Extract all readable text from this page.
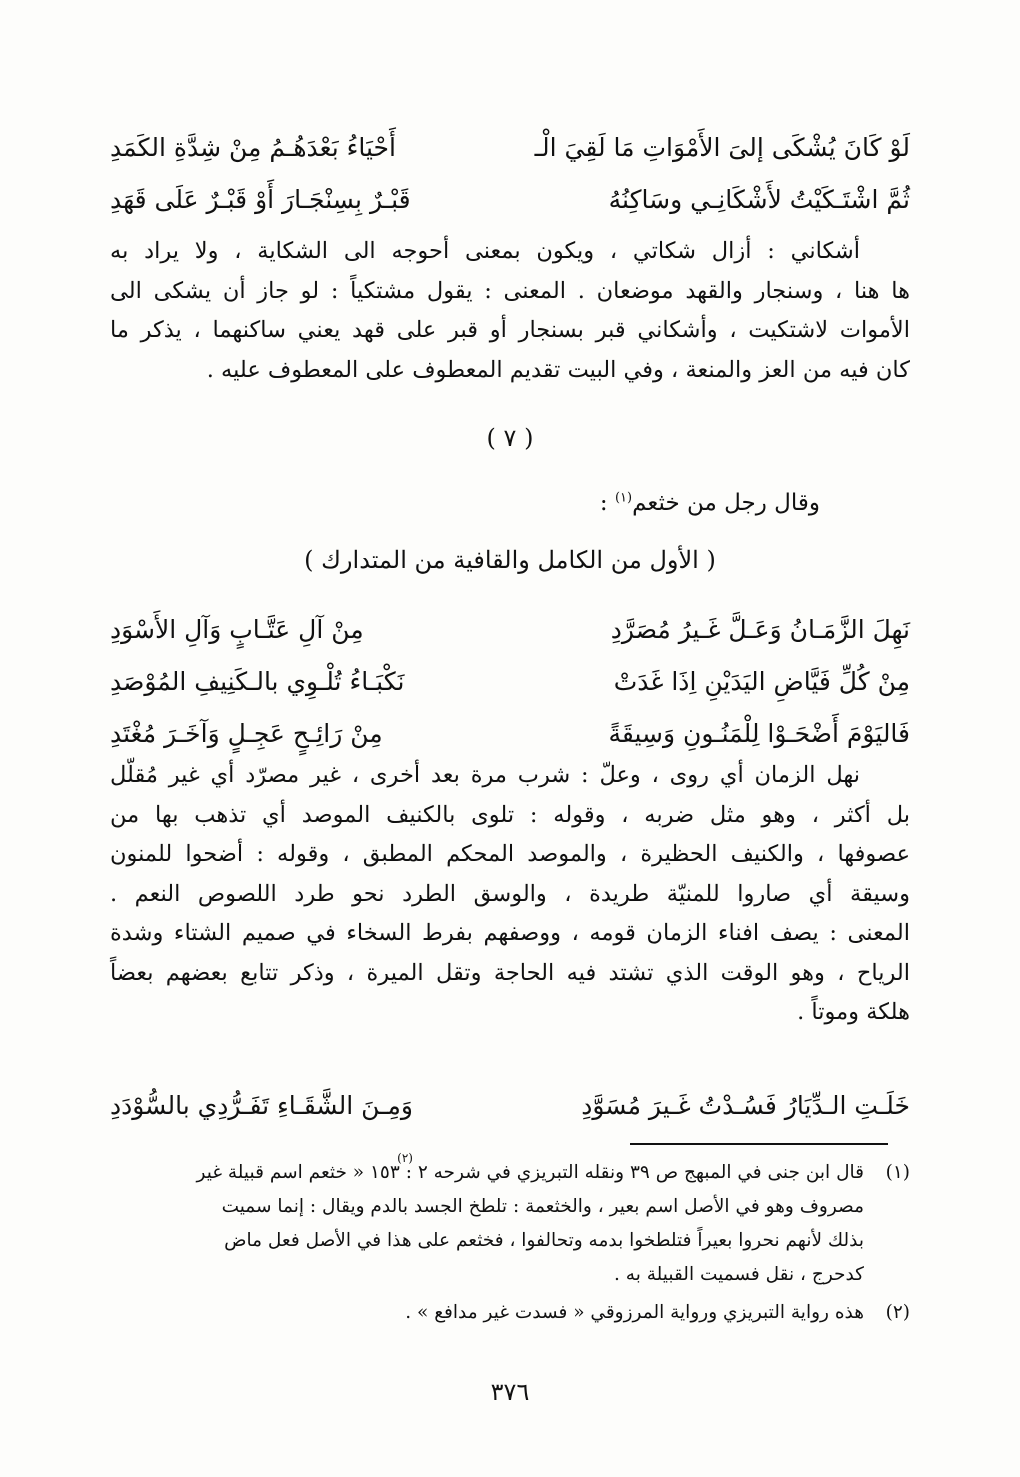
لَوْ كَانَ يُشْكَى إلىَ الأَمْوَاتِ مَا لَقِيَ الْـ
أَحْيَاءُ بَعْدَهُـمُ مِنْ شِدَّةِ الكَمَدِ
ثُمَّ اشْتَـكَيْتُ لأَشْكَانِـي وسَاكِنُهُ
قَبْـرٌ بِسِنْجَـارَ أَوْ قَبْـرٌ عَلَى قَهَدِ

أشكاني : أزال شكاتي ، ويكون بمعنى أحوجه الى الشكاية ، ولا يراد به
ها هنا ، وسنجار والقهد موضعان . المعنى : يقول مشتكياً : لو جاز أن يشكى الى
الأموات لاشتكيت ، وأشكاني قبر بسنجار أو قبر على قهد يعني ساكنهما ، يذكر ما
كان فيه من العز والمنعة ، وفي البيت تقديم المعطوف على المعطوف عليه .

( ٧ )
وقال رجل من خثعم$^{(١)}$ :
( الأول من الكامل والقافية من المتدارك )
نَهِلَ الزَّمَـانُ وَعَـلَّ غَـيرُ مُصَرَّدِ
مِنْ آلِ عَتَّـابٍ وَآلِ الأَسْوَدِ
مِنْ كُلِّ فَيَّاضِ اليَدَيْنِ اِذَا غَدَتْ
نَكْبَـاءُ تُلْـوِي بالـكَنِيفِ المُوْصَدِ
فَاليَوْمَ أَضْحَـوْا لِلْمَنُـونِ وَسِيقَةً
مِنْ رَائِـحٍ عَجِـلٍ وَآخَـرَ مُغْتَدِ

نهل الزمان أي روى ، وعلّ : شرب مرة بعد أخرى ، غير مصرّد أي غير مُقلّل
بل أكثر ، وهو مثل ضربه ، وقوله : تلوى بالكنيف الموصد أي تذهب بها من
عصوفها ، والكنيف الحظيرة ، والموصد المحكم المطبق ، وقوله : أضحوا للمنون
وسيقة أي صاروا للمنيّة طريدة ، والوسق الطرد نحو طرد اللصوص النعم .
المعنى : يصف افناء الزمان قومه ، ووصفهم بفرط السخاء في صميم الشتاء وشدة
الرياح ، وهو الوقت الذي تشتد فيه الحاجة وتقل الميرة ، وذكر تتابع بعضهم بعضاً
هلكة وموتاً .

خَلَـتِ الـدِّيَارُ فَسُـدْتُ غَـيرَ مُسَوَّدِ
وَمِـنَ الشَّقَـاءِ تَفَـرُّدِي بالسُّوْدَدِ
$^{(٢)}$
(١)قال ابن جنى في المبهج ص ٣٩ ونقله التبريزي في شرحه ٢ : ١٥٣ « خثعم اسم قبيلة غير
مصروف وهو في الأصل اسم بعير ، والخثعمة : تلطخ الجسد بالدم ويقال : إنما سميت
بذلك لأنهم نحروا بعيراً فتلطخوا بدمه وتحالفوا ، فخثعم على هذا في الأصل فعل ماض
كدحرج ، نقل فسميت القبيلة به .
(٢)هذه رواية التبريزي ورواية المرزوقي « فسدت غير مدافع » .
٣٧٦
